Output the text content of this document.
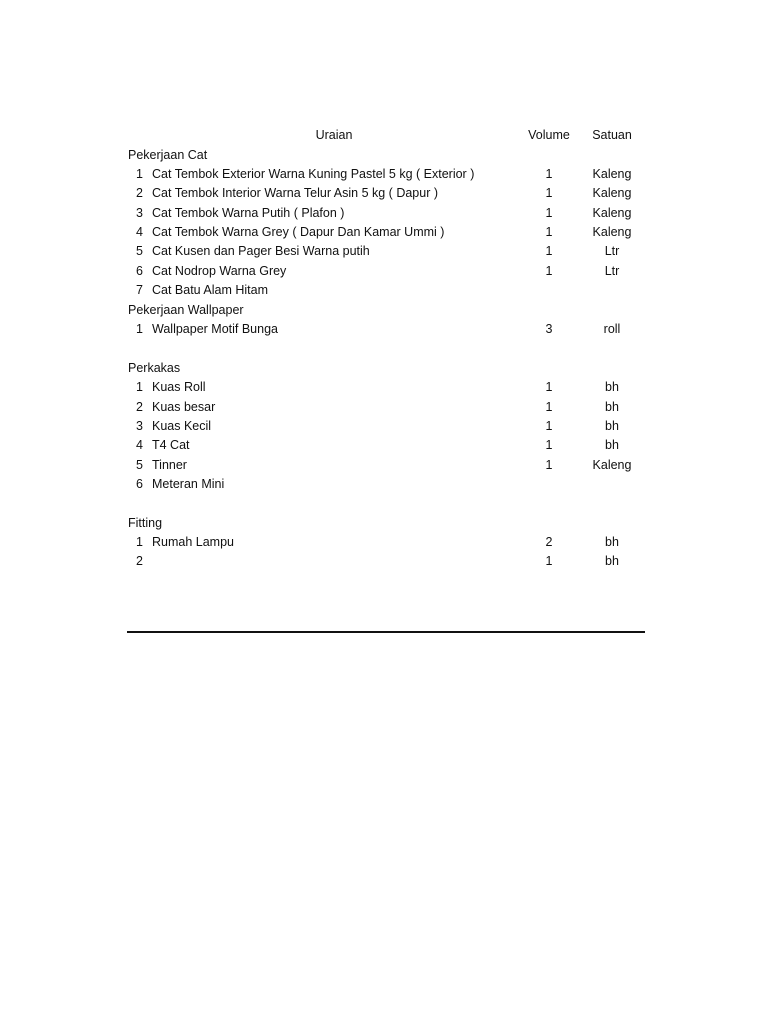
Uraian	Volume	Satuan
Pekerjaan Cat
1 Cat Tembok Exterior Warna Kuning Pastel 5 kg ( Exterior )	1	Kaleng
2 Cat Tembok Interior Warna Telur Asin 5 kg ( Dapur )	1	Kaleng
3 Cat Tembok Warna Putih ( Plafon )	1	Kaleng
4 Cat Tembok Warna Grey ( Dapur Dan Kamar Ummi )	1	Kaleng
5 Cat Kusen dan Pager Besi Warna putih	1	Ltr
6 Cat Nodrop Warna Grey	1	Ltr
7 Cat Batu Alam Hitam
Pekerjaan Wallpaper
1 Wallpaper Motif Bunga	3	roll
Perkakas
1 Kuas Roll	1	bh
2 Kuas besar	1	bh
3 Kuas Kecil	1	bh
4 T4 Cat	1	bh
5 Tinner	1	Kaleng
6 Meteran Mini
Fitting
1 Rumah Lampu	2	bh
2	1	bh
